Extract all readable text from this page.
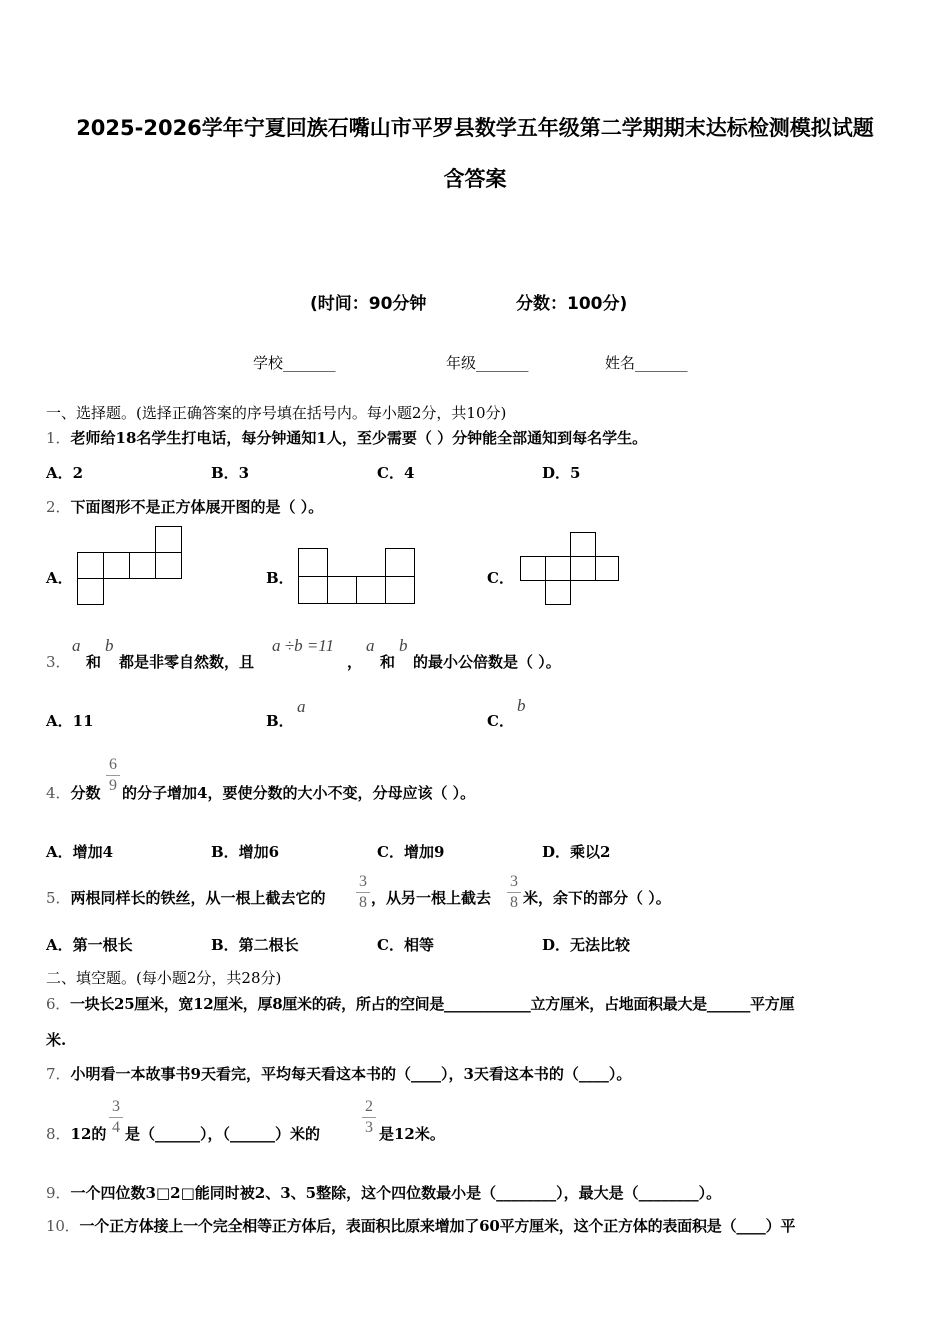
2025-2026学年宁夏回族石嘴山市平罗县数学五年级第二学期期末达标检测模拟试题
含答案
(时间：90分钟	分数：100分)
学校_______	年级_______	姓名_______
一、选择题。(选择正确答案的序号填在括号内。每小题2分，共10分)
1．老师给18名学生打电话，每分钟通知1人，至少需要（ ）分钟能全部通知到每名学生。
A．2	B．3	C．4	D．5
2．下面图形不是正方体展开图的是（ ）。
A．	B．	C．
3．
a
和
b
都是非零自然数，且
a ÷b =11
，
a
和
b
的最小公倍数是（ ）。
A．11	B．
a
C．
b
4．分数
6
9 的分子增加4，要使分数的大小不变，分母应该（ ）。
A．增加4	B．增加6	C．增加9	D．乘以2
5．两根同样长的铁丝，从一根上截去它的
3
8 ，从另一根上截去
3
8 米，余下的部分（ ）。
A．第一根长	B．第二根长	C．相等	D．无法比较
二、填空题。(每小题2分，共28分)
6．一块长25厘米，宽12厘米，厚8厘米的砖，所占的空间是____________立方厘米，占地面积最大是______平方厘
米.
7．小明看一本故事书9天看完，平均每天看这本书的（____），3天看这本书的（____）。
8．12的
3
4 是（______），（______）米的
2
3 是12米。
9．一个四位数3□2□能同时被2、3、5整除，这个四位数最小是（________），最大是（________）。
10．一个正方体接上一个完全相等正方体后，表面积比原来增加了60平方厘米，这个正方体的表面积是（____）平
